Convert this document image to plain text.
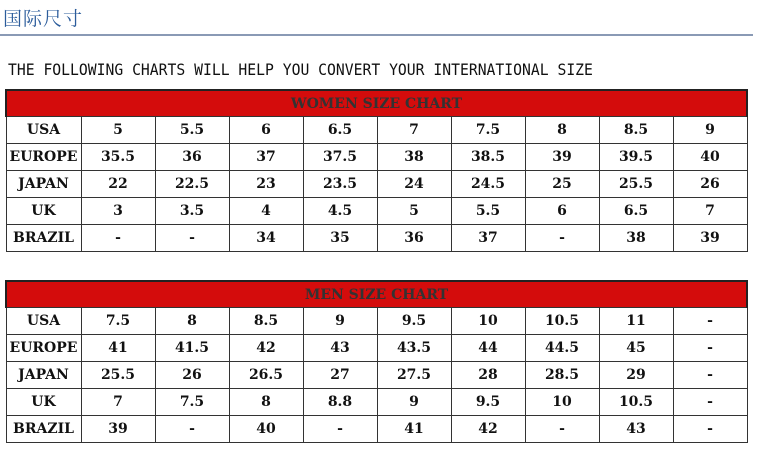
国际尺寸
THE FOLLOWING CHARTS WILL HELP YOU CONVERT YOUR INTERNATIONAL SIZE
WOMEN SIZE CHART									
USA	5	5.5	6	6.5	7	7.5	8	8.5	9
EUROPE	35.5	36	37	37.5	38	38.5	39	39.5	40
JAPAN	22	22.5	23	23.5	24	24.5	25	25.5	26
UK	3	3.5	4	4.5	5	5.5	6	6.5	7
BRAZIL	-	-	34	35	36	37	-	38	39
MEN SIZE CHART									
USA	7.5	8	8.5	9	9.5	10	10.5	11	-
EUROPE	41	41.5	42	43	43.5	44	44.5	45	-
JAPAN	25.5	26	26.5	27	27.5	28	28.5	29	-
UK	7	7.5	8	8.8	9	9.5	10	10.5	-
BRAZIL	39	-	40	-	41	42	-	43	-
